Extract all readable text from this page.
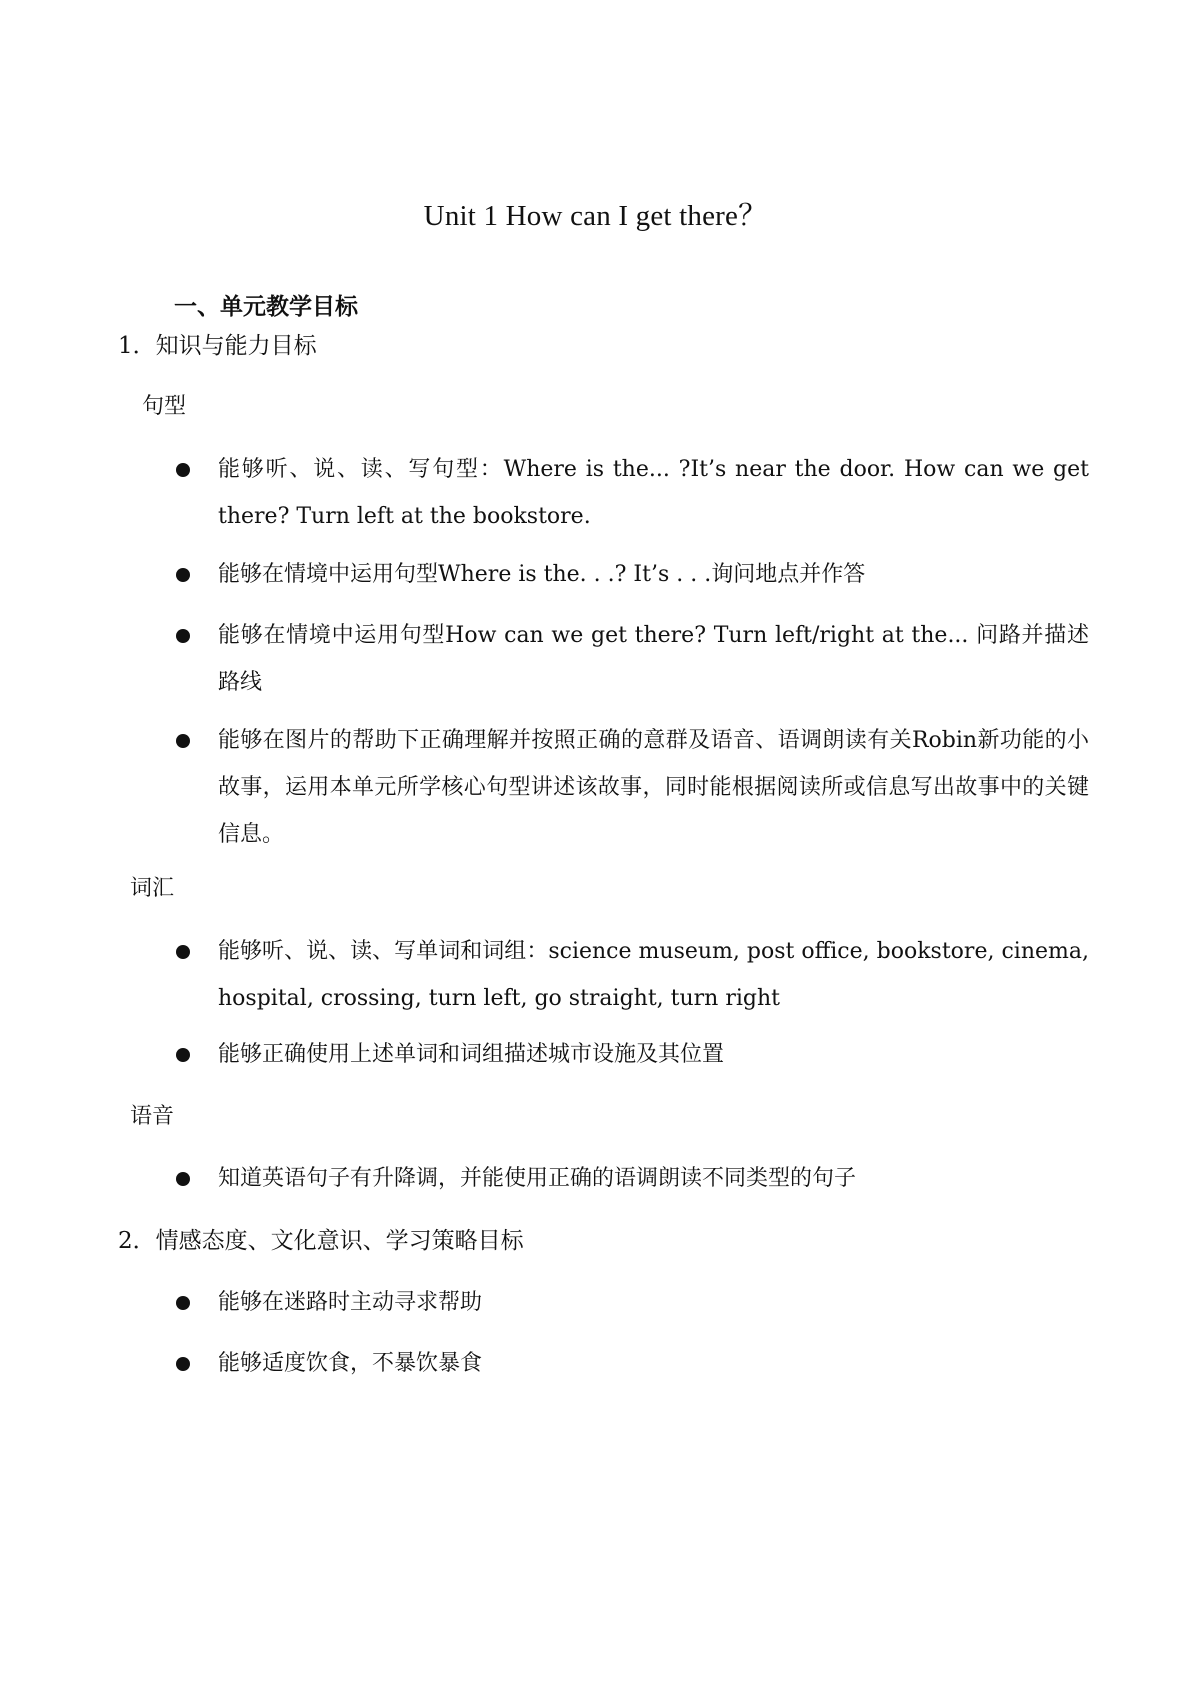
Unit 1 How can I get there？
一、单元教学目标
1．知识与能力目标
句型
能够听、说、读、写句型：Where is the... ?It’s near the door. How can we get there? Turn left at the bookstore.
能够在情境中运用句型Where is the. . .? It’s . . .询问地点并作答
能够在情境中运用句型How can we get there? Turn left/right at the... 问路并描述路线
能够在图片的帮助下正确理解并按照正确的意群及语音、语调朗读有关Robin新功能的小故事，运用本单元所学核心句型讲述该故事，同时能根据阅读所或信息写出故事中的关键信息。
词汇
能够听、说、读、写单词和词组：science museum, post office, bookstore, cinema, hospital, crossing, turn left, go straight, turn right
能够正确使用上述单词和词组描述城市设施及其位置
语音
知道英语句子有升降调，并能使用正确的语调朗读不同类型的句子
2．情感态度、文化意识、学习策略目标
能够在迷路时主动寻求帮助
能够适度饮食，不暴饮暴食
